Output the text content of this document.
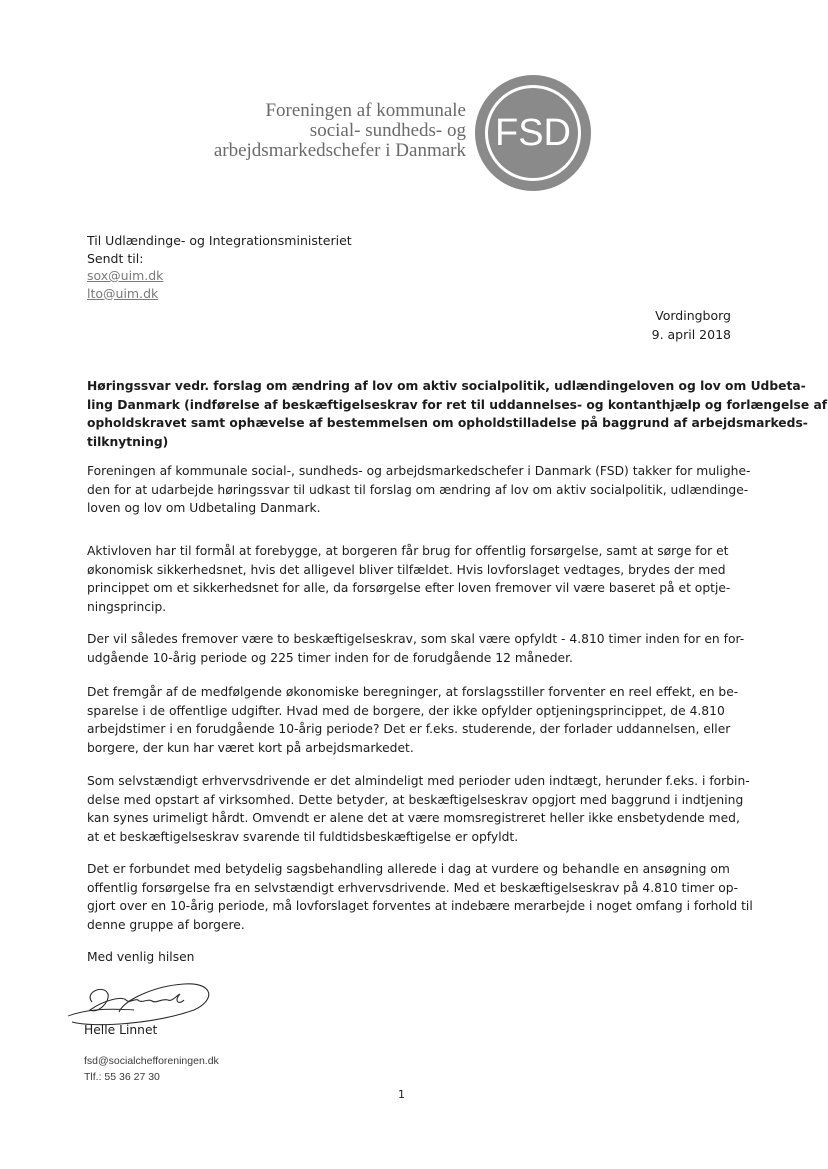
Foreningen af kommunale
social- sundheds- og
arbejdsmarkedschefer i Danmark FSD
Til Udlændinge- og Integrationsministeriet
Sendt til:
sox@uim.dk
lto@uim.dk
Vordingborg
9. april 2018
Høringssvar vedr. forslag om ændring af lov om aktiv socialpolitik, udlændingeloven og lov om Udbeta-
ling Danmark (indførelse af beskæftigelseskrav for ret til uddannelses- og kontanthjælp og forlængelse af
opholdskravet samt ophævelse af bestemmelsen om opholdstilladelse på baggrund af arbejdsmarkeds-
tilknytning)
Foreningen af kommunale social-, sundheds- og arbejdsmarkedschefer i Danmark (FSD) takker for mulighe-
den for at udarbejde høringssvar til udkast til forslag om ændring af lov om aktiv socialpolitik, udlændinge-
loven og lov om Udbetaling Danmark.
Aktivloven har til formål at forebygge, at borgeren får brug for offentlig forsørgelse, samt at sørge for et
økonomisk sikkerhedsnet, hvis det alligevel bliver tilfældet. Hvis lovforslaget vedtages, brydes der med
princippet om et sikkerhedsnet for alle, da forsørgelse efter loven fremover vil være baseret på et optje-
ningsprincip.
Der vil således fremover være to beskæftigelseskrav, som skal være opfyldt - 4.810 timer inden for en for-
udgående 10-årig periode og 225 timer inden for de forudgående 12 måneder.
Det fremgår af de medfølgende økonomiske beregninger, at forslagsstiller forventer en reel effekt, en be-
sparelse i de offentlige udgifter. Hvad med de borgere, der ikke opfylder optjeningsprincippet, de 4.810
arbejdstimer i en forudgående 10-årig periode? Det er f.eks. studerende, der forlader uddannelsen, eller
borgere, der kun har været kort på arbejdsmarkedet.
Som selvstændigt erhvervsdrivende er det almindeligt med perioder uden indtægt, herunder f.eks. i forbin-
delse med opstart af virksomhed. Dette betyder, at beskæftigelseskrav opgjort med baggrund i indtjening
kan synes urimeligt hårdt. Omvendt er alene det at være momsregistreret heller ikke ensbetydende med,
at et beskæftigelseskrav svarende til fuldtidsbeskæftigelse er opfyldt.
Det er forbundet med betydelig sagsbehandling allerede i dag at vurdere og behandle en ansøgning om
offentlig forsørgelse fra en selvstændigt erhvervsdrivende. Med et beskæftigelseskrav på 4.810 timer op-
gjort over en 10-årig periode, må lovforslaget forventes at indebære merarbejde i noget omfang i forhold til
denne gruppe af borgere.
Med venlig hilsen
Helle Linnet
fsd@socialchefforeningen.dk
Tlf.: 55 36 27 30
1
